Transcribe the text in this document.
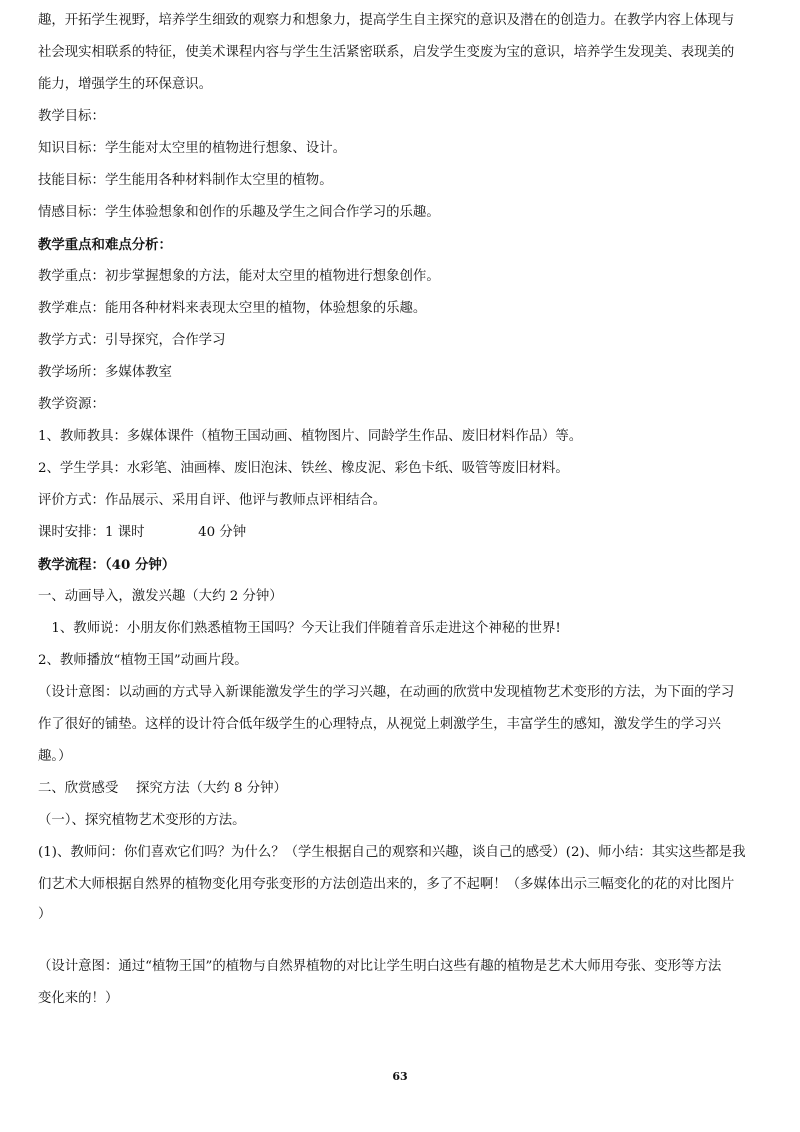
趣，开拓学生视野，培养学生细致的观察力和想象力，提高学生自主探究的意识及潜在的创造力。在教学内容上体现与
社会现实相联系的特征，使美术课程内容与学生生活紧密联系，启发学生变废为宝的意识，培养学生发现美、表现美的
能力，增强学生的环保意识。
教学目标：
知识目标：学生能对太空里的植物进行想象、设计。
技能目标：学生能用各种材料制作太空里的植物。
情感目标：学生体验想象和创作的乐趣及学生之间合作学习的乐趣。
教学重点和难点分析：
教学重点：初步掌握想象的方法，能对太空里的植物进行想象创作。
教学难点：能用各种材料来表现太空里的植物，体验想象的乐趣。
教学方式：引导探究，合作学习
教学场所：多媒体教室
教学资源：
1、教师教具：多媒体课件（植物王国动画、植物图片、同龄学生作品、废旧材料作品）等。
2、学生学具：水彩笔、油画棒、废旧泡沫、铁丝、橡皮泥、彩色卡纸、吸管等废旧材料。
评价方式：作品展示、采用自评、他评与教师点评相结合。
课时安排：1 课时　　　　40 分钟
教学流程：（40 分钟）
一、动画导入，激发兴趣（大约 2 分钟）
　1、教师说：小朋友你们熟悉植物王国吗？今天让我们伴随着音乐走进这个神秘的世界!
2、教师播放“植物王国”动画片段。
（设计意图：以动画的方式导入新课能激发学生的学习兴趣，在动画的欣赏中发现植物艺术变形的方法，为下面的学习
作了很好的铺垫。这样的设计符合低年级学生的心理特点，从视觉上刺激学生，丰富学生的感知，激发学生的学习兴
趣。）
二、欣赏感受　 探究方法（大约 8 分钟）
（一）、探究植物艺术变形的方法。
(1)、教师问：你们喜欢它们吗？为什么？（学生根据自己的观察和兴趣，谈自己的感受）(2)、师小结：其实这些都是我
们艺术大师根据自然界的植物变化用夸张变形的方法创造出来的，多了不起啊！（多媒体出示三幅变化的花的对比图片
）
（设计意图：通过“植物王国”的植物与自然界植物的对比让学生明白这些有趣的植物是艺术大师用夸张、变形等方法
变化来的！）
63
